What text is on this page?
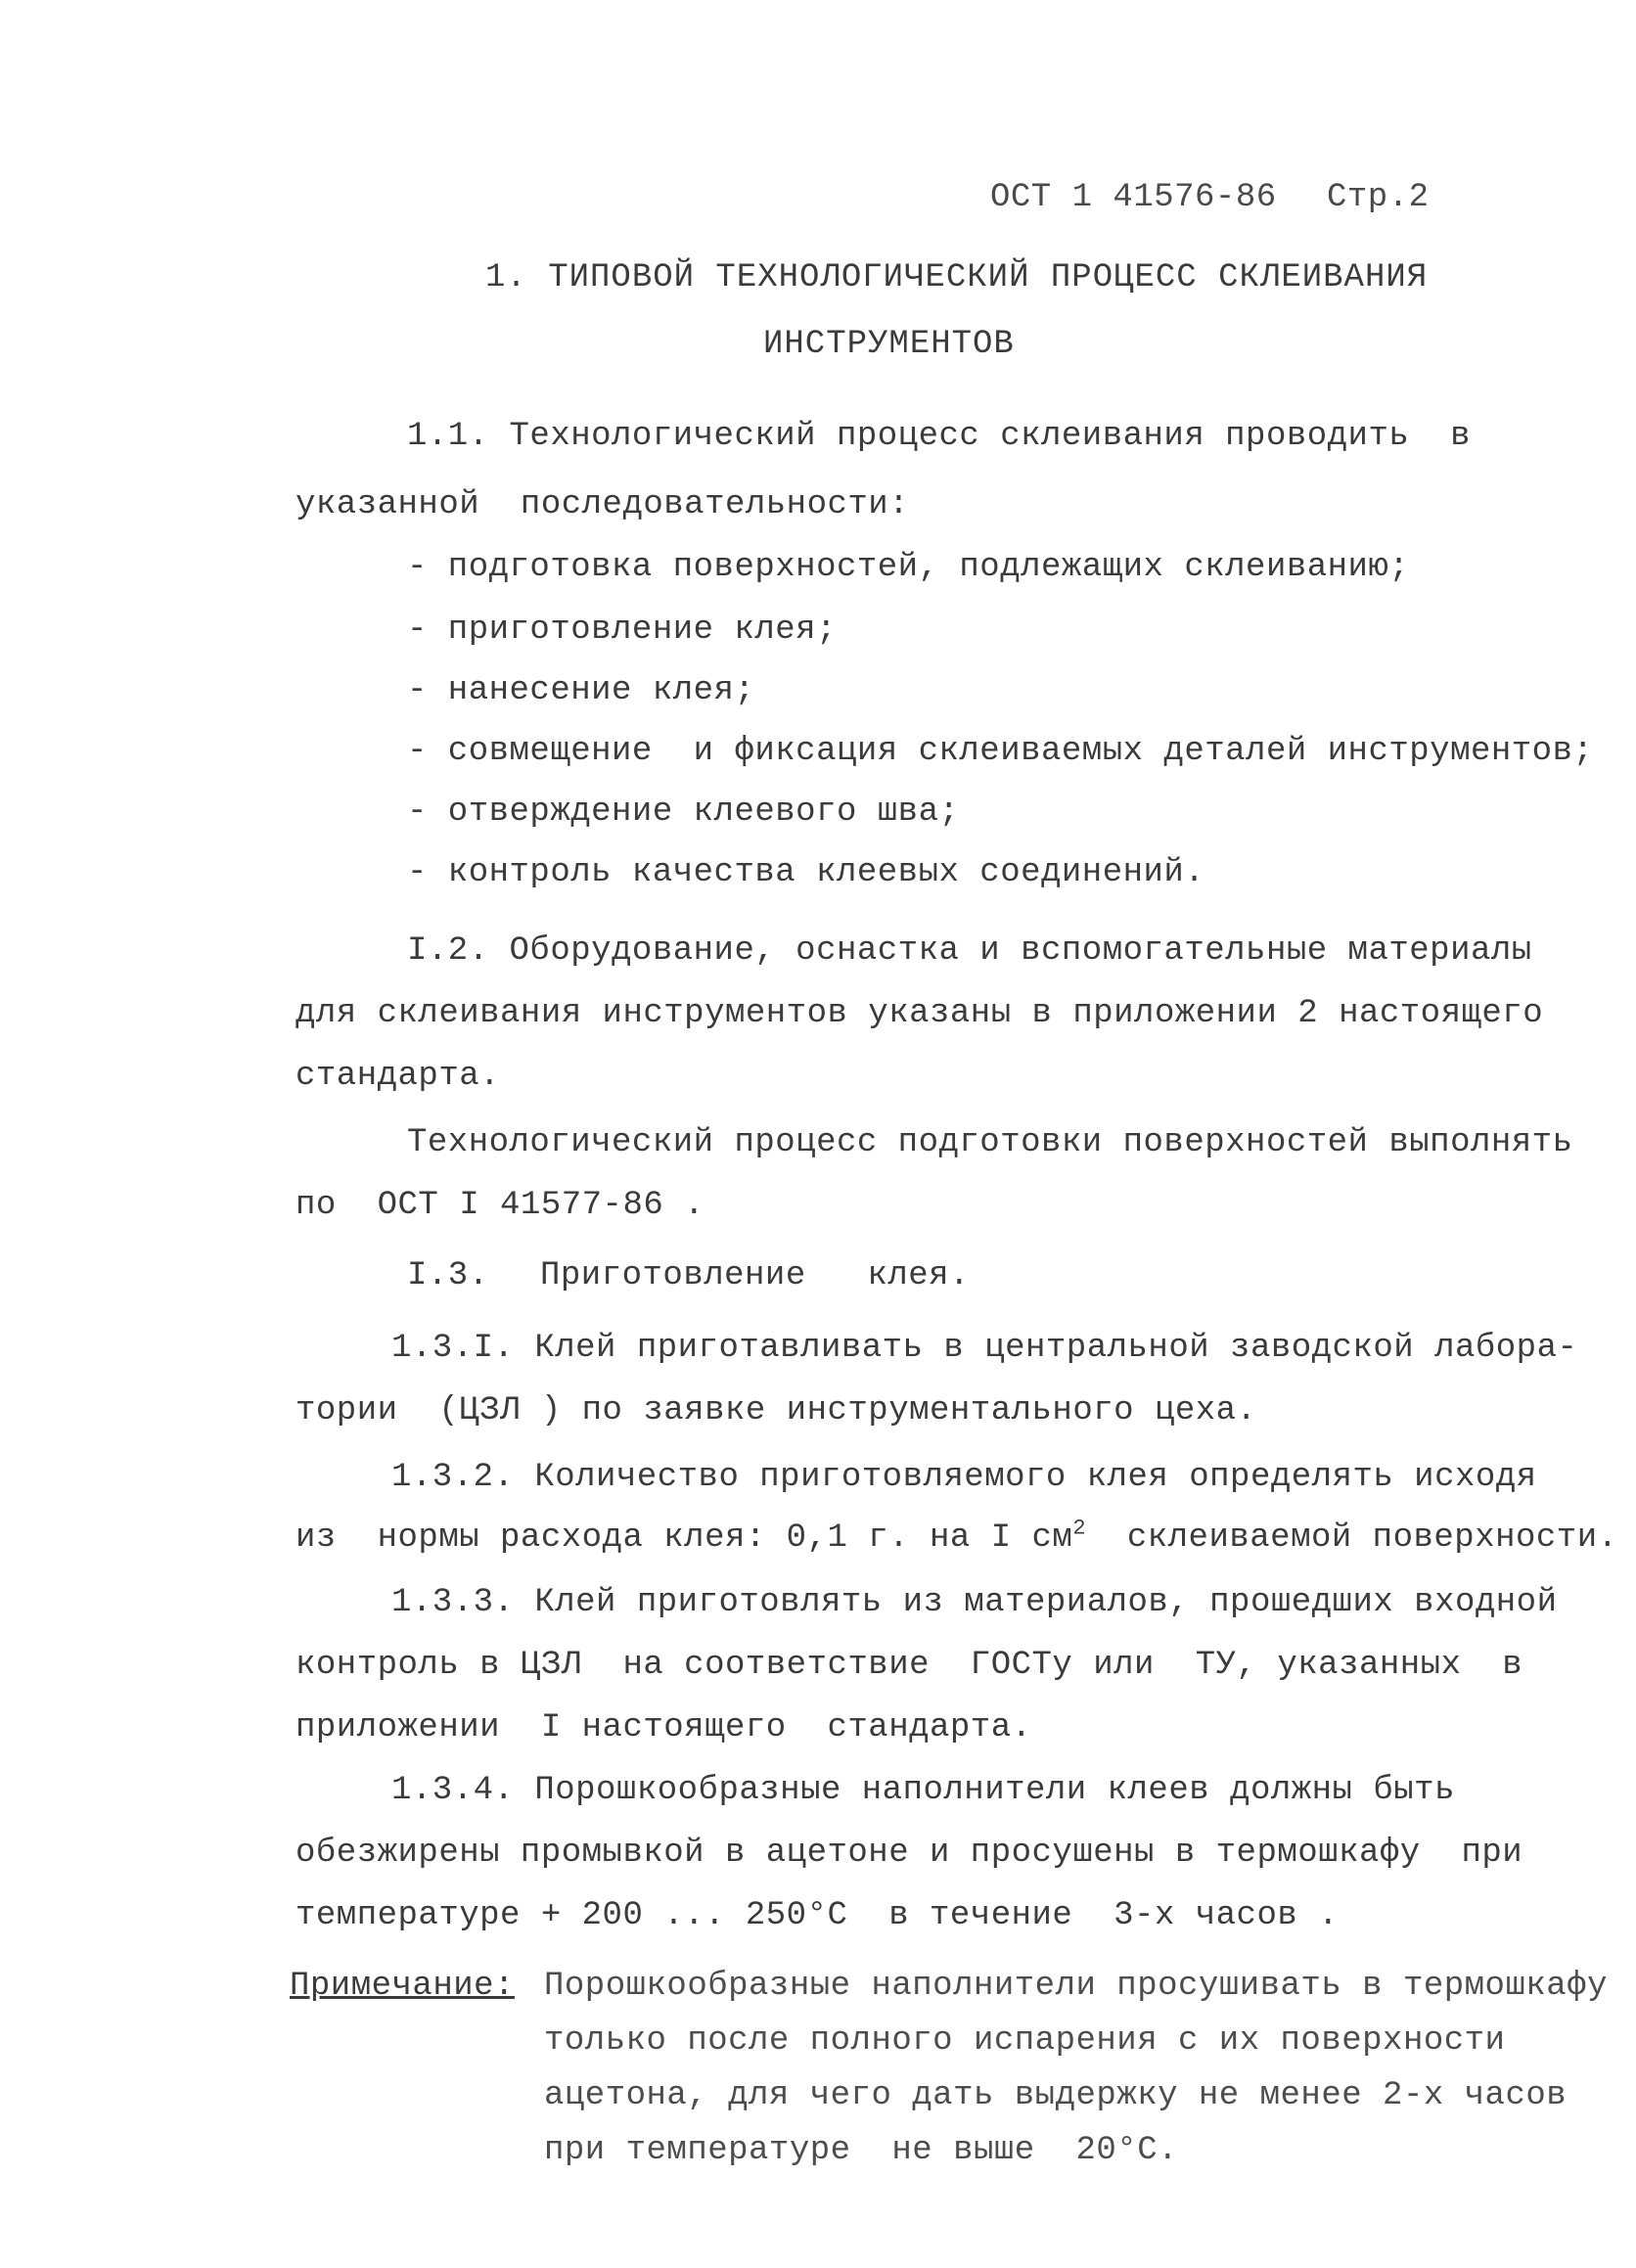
ОСТ 1 41576-86 Стр.2
1. ТИПОВОЙ ТЕХНОЛОГИЧЕСКИЙ ПРОЦЕСС СКЛЕИВАНИЯ
ИНСТРУМЕНТОВ
1.1. Технологический процесс склеивания проводить  в
указанной  последовательности:
- подготовка поверхностей, подлежащих склеиванию;
- приготовление клея;
- нанесение клея;
- совмещение  и фиксация склеиваемых деталей инструментов;
- отверждение клеевого шва;
- контроль качества клеевых соединений.
I.2. Оборудование, оснастка и вспомогательные материалы
для склеивания инструментов указаны в приложении 2 настоящего
стандарта.
Технологический процесс подготовки поверхностей выполнять
по  ОСТ I 41577-86 .
I.3. Приготовление   клея.
1.3.I. Клей приготавливать в центральной заводской лабора-
тории  (ЦЗЛ ) по заявке инструментального цеха.
1.3.2. Количество приготовляемого клея определять исходя
из  нормы расхода клея: 0,1 г. на I $см^2$  склеиваемой поверхности.
1.3.3. Клей приготовлять из материалов, прошедших входной
контроль в ЦЗЛ  на соответствие  ГОСТу или  ТУ, указанных  в
приложении  I настоящего  стандарта.
1.3.4. Порошкообразные наполнители клеев должны быть
обезжирены промывкой в ацетоне и просушены в термошкафу  при
температуре + 200 ... 250°С  в течение  3-х часов .
Примечание: Порошкообразные наполнители просушивать в термошкафу
только после полного испарения с их поверхности
ацетона, для чего дать выдержку не менее 2-х часов
при температуре  не выше  20°С.
